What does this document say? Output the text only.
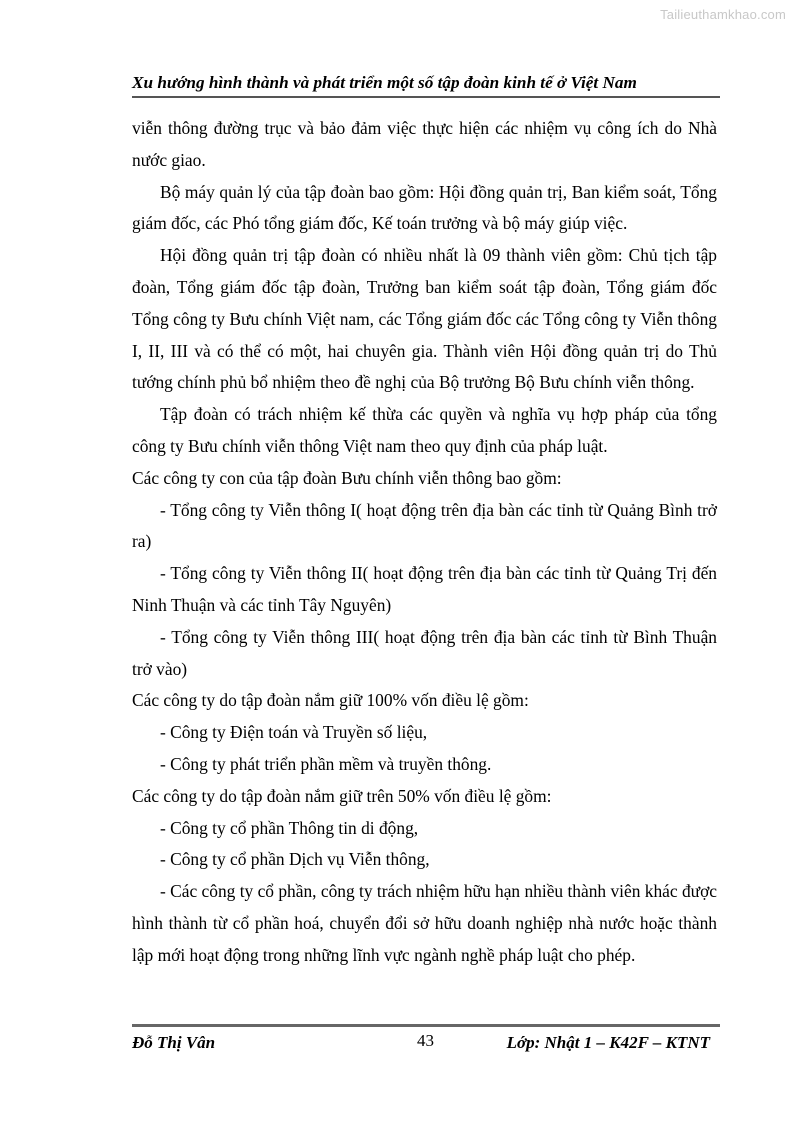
Tailieuthamkhao.com
Xu hướng hình thành và phát triển một số tập đoàn kinh tế ở Việt Nam

viễn thông đường trục và bảo đảm việc thực hiện các nhiệm vụ công ích do Nhà nước giao.

Bộ máy quản lý của tập đoàn bao gồm: Hội đồng quản trị, Ban kiểm soát, Tổng giám đốc, các Phó tổng giám đốc, Kế toán trưởng và bộ máy giúp việc.

Hội đồng quản trị tập đoàn có nhiều nhất là 09 thành viên gồm: Chủ tịch tập đoàn, Tổng giám đốc tập đoàn, Trưởng ban kiểm soát tập đoàn, Tổng giám đốc Tổng công ty Bưu chính Việt nam, các Tổng giám đốc các Tổng công ty Viễn thông I, II, III và có thể có một, hai chuyên gia. Thành viên Hội đồng quản trị do Thủ tướng chính phủ bổ nhiệm theo đề nghị của Bộ trưởng Bộ Bưu chính viễn thông.

Tập đoàn có trách nhiệm kế thừa các quyền và nghĩa vụ hợp pháp của tổng công ty Bưu chính viễn thông Việt nam theo quy định của pháp luật.

Các công ty con của tập đoàn Bưu chính viễn thông bao gồm:

- Tổng công ty Viễn thông I( hoạt động trên địa bàn các tỉnh từ Quảng Bình trở ra)

- Tổng công ty Viễn thông II( hoạt động trên địa bàn các tỉnh từ Quảng Trị đến Ninh Thuận và các tỉnh Tây Nguyên)

- Tổng công ty Viễn thông III( hoạt động trên địa bàn các tỉnh từ Bình Thuận trở vào)

Các công ty do tập đoàn nắm giữ 100% vốn điều lệ gồm:

- Công ty Điện toán và Truyền số liệu,

- Công ty phát triển phần mềm và truyền thông.

Các công ty do tập đoàn nắm giữ trên 50% vốn điều lệ gồm:

- Công ty cổ phần Thông tin di động,

- Công ty cổ phần Dịch vụ Viễn thông,

- Các công ty cổ phần, công ty trách nhiệm hữu hạn nhiều thành viên khác được hình thành từ cổ phần hoá, chuyển đổi sở hữu doanh nghiệp nhà nước hoặc thành lập mới hoạt động trong những lĩnh vực ngành nghề pháp luật cho phép.

Đỗ Thị Vân	43	Lớp: Nhật 1 – K42F – KTNT
